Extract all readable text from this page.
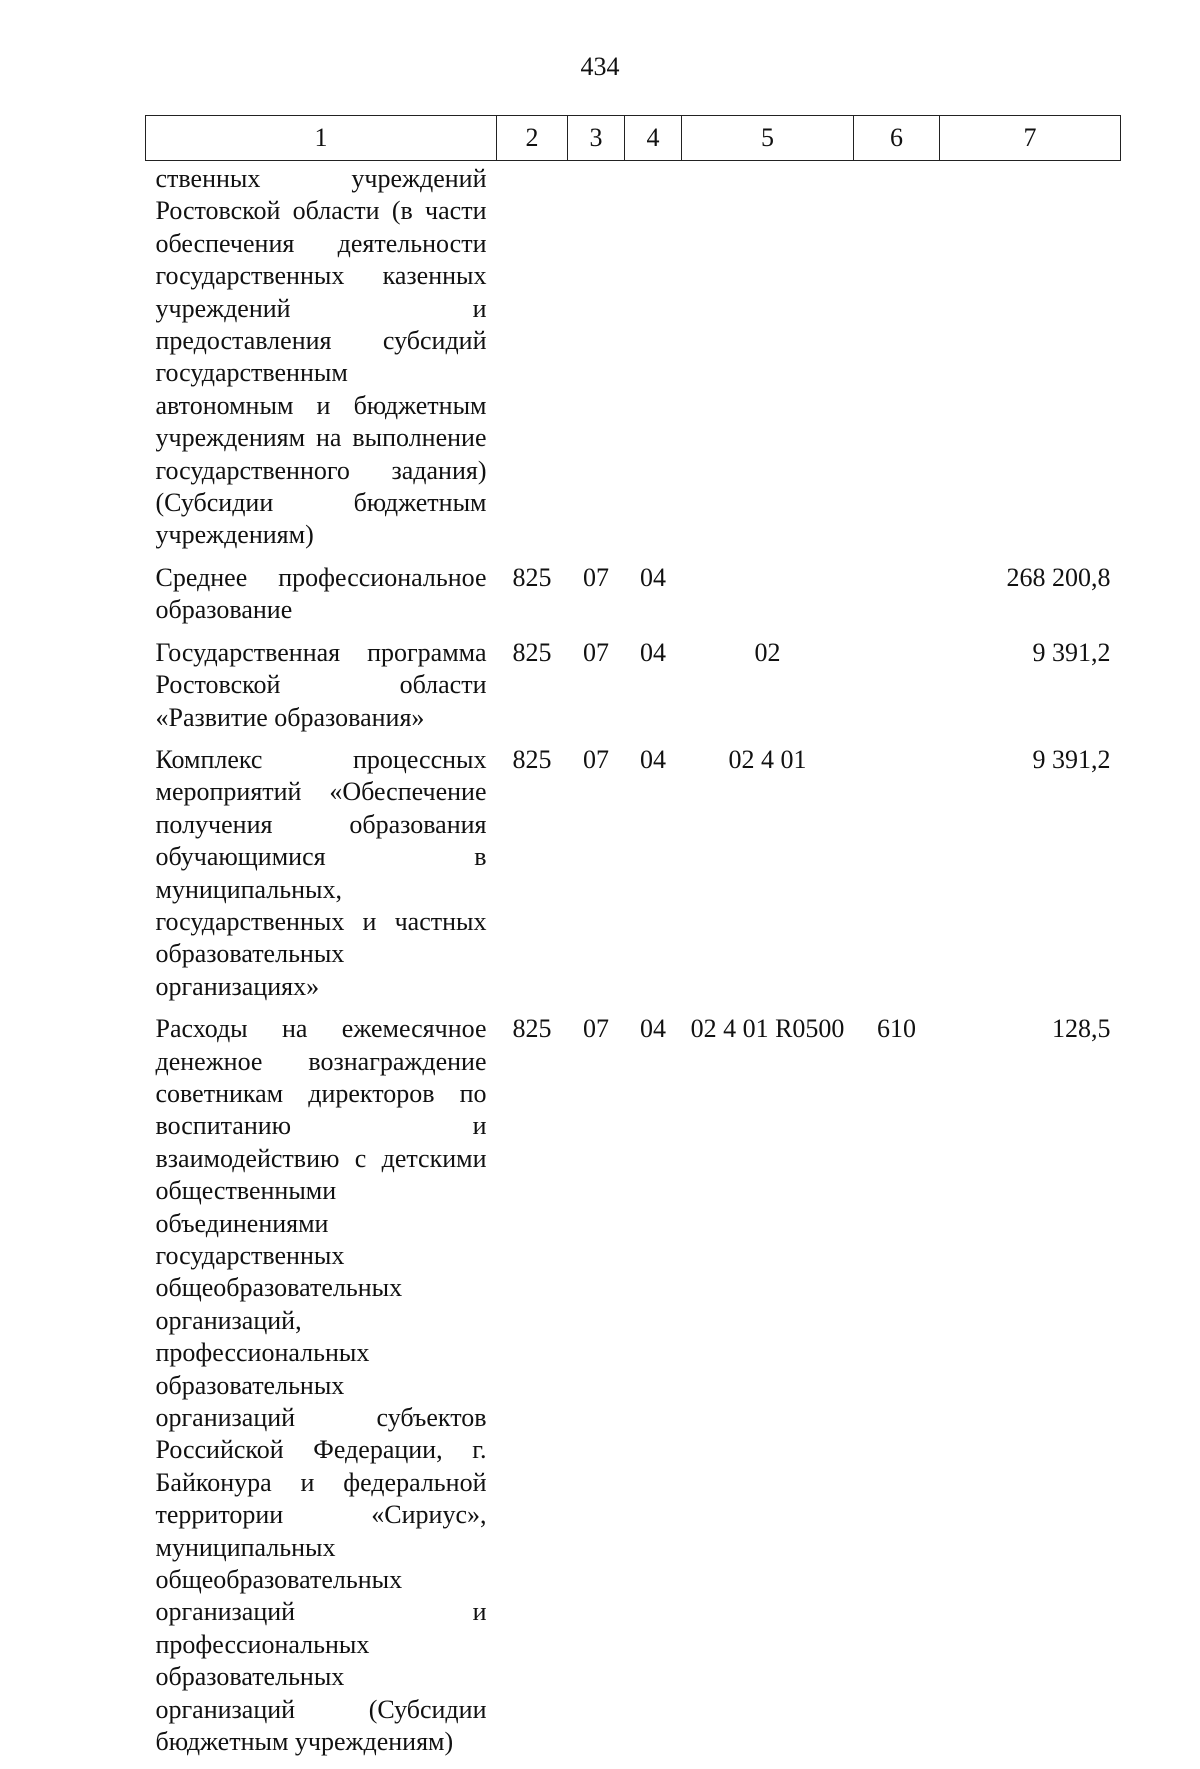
434
1	2	3	4	5	6	7
ственных учреждений Ростовской области (в части обеспечения деятельности государственных казенных учреждений и предоставления субсидий государственным автономным и бюджетным учреждениям на выполнение государственного задания) (Субсидии бюджетным учреждениям)						
Среднее профессиональное образование	825	07	04			268 200,8
Государственная программа Ростовской области «Развитие образования»	825	07	04	02		9 391,2
Комплекс процессных мероприятий «Обеспечение получения образования обучающимися в муниципальных, государственных и частных образовательных организациях»	825	07	04	02 4 01		9 391,2
Расходы на ежемесячное денежное вознаграждение советникам директоров по воспитанию и взаимодействию с детскими общественными объединениями государственных общеобразовательных организаций, профессиональных образовательных организаций субъектов Российской Федерации, г. Байконура и федеральной территории «Сириус», муниципальных общеобразовательных организаций и профессиональных образовательных организаций (Субсидии бюджетным учреждениям)	825	07	04	02 4 01 R0500	610	128,5
